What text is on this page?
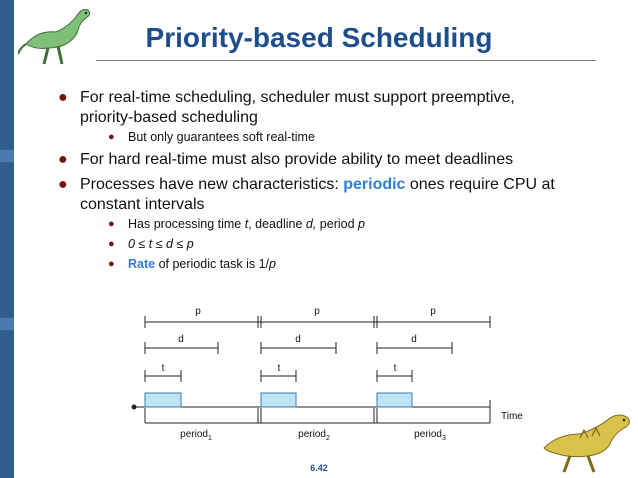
Priority-based Scheduling
● For real-time scheduling, scheduler must support preemptive,
priority-based scheduling
● But only guarantees soft real-time
● For hard real-time must also provide ability to meet deadlines
● Processes have new characteristics: periodic ones require CPU at
constant intervals
● Has processing time t, deadline d, period p
● 0 ≤ t ≤ d ≤ p
● Rate of periodic task is 1/p
p	p	p
d	d	d
t	t	t
Time
period$_1$	period$_2$	period$_3$
6.42
